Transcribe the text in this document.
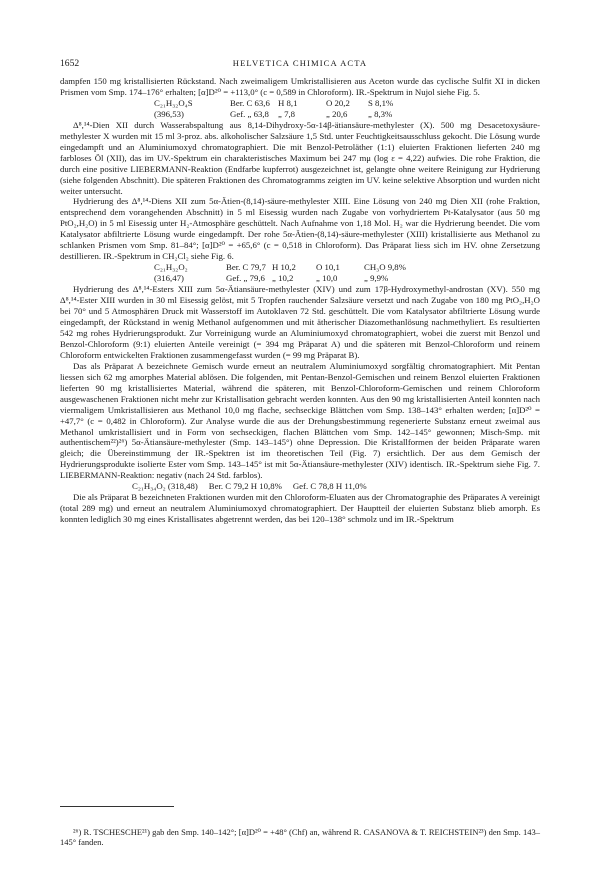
1652	HELVETICA CHIMICA ACTA

dampfen 150 mg kristallisierten Rückstand. Nach zweimaligem Umkristallisieren aus Aceton wurde das cyclische Sulfit XI in dicken Prismen vom Smp. 174–176° erhalten; [α]D²⁰ = +113,0° (c = 0,589 in Chloroform). IR.-Spektrum in Nujol siehe Fig. 5.

C₂₁H₃₂O₄S	Ber. C 63,6 H 8,1	O 20,2	S 8,1%
(396,53)	Gef. „ 63,8	„ 7,8	„ 20,6	„ 8,3%

Δ⁸,¹⁴-Dien XII durch Wasserabspaltung aus 8,14-Dihydroxy-5α-14β-ätiansäure-methylester (X). 500 mg Desacetoxysäure-methylester X wurden mit 15 ml 3-proz. abs. alkoholischer Salzsäure 1,5 Std. unter Feuchtigkeitsausschluss gekocht. Die Lösung wurde eingedampft und an Aluminiumoxyd chromatographiert. Die mit Benzol-Petroläther (1:1) eluierten Fraktionen lieferten 240 mg farbloses Öl (XII), das im UV.-Spektrum ein charakteristisches Maximum bei 247 mμ (log ε = 4,22) aufwies. Die rohe Fraktion, die durch eine positive LIEBERMANN-Reaktion (Endfarbe kupferrot) ausgezeichnet ist, gelangte ohne weitere Reinigung zur Hydrierung (siehe folgenden Abschnitt). Die späteren Fraktionen des Chromatogramms zeigten im UV. keine selektive Absorption und wurden nicht weiter untersucht.

Hydrierung des Δ⁸,¹⁴-Diens XII zum 5α-Ätien-(8,14)-säure-methylester XIII. Eine Lösung von 240 mg Dien XII (rohe Fraktion, entsprechend dem vorangehenden Abschnitt) in 5 ml Eisessig wurden nach Zugabe von vorhydriertem Pt-Katalysator (aus 50 mg PtO₂,H₂O) in 5 ml Eisessig unter H₂-Atmosphäre geschüttelt. Nach Aufnahme von 1,18 Mol. H₂ war die Hydrierung beendet. Die vom Katalysator abfiltrierte Lösung wurde eingedampft. Der rohe 5α-Ätien-(8,14)-säure-methylester (XIII) kristallisierte aus Methanol zu schlanken Prismen vom Smp. 81–84°; [α]D²⁰ = +65,6° (c = 0,518 in Chloroform). Das Präparat liess sich im HV. ohne Zersetzung destillieren. IR.-Spektrum in CH₂Cl₂ siehe Fig. 6.

C₂₁H₃₂O₂	Ber. C 79,7 H 10,2	O 10,1	CH₃O 9,8%
(316,47)	Gef. „ 79,6 „ 10,2	„ 10,0	„ 9,9%

Hydrierung des Δ⁸,¹⁴-Esters XIII zum 5α-Ätiansäure-methylester (XIV) und zum 17β-Hydroxymethyl-androstan (XV). 550 mg Δ⁸,¹⁴-Ester XIII wurden in 30 ml Eisessig gelöst, mit 5 Tropfen rauchender Salzsäure versetzt und nach Zugabe von 180 mg PtO₂,H₂O bei 70° und 5 Atmosphären Druck mit Wasserstoff im Autoklaven 72 Std. geschüttelt. Die vom Katalysator abfiltrierte Lösung wurde eingedampft, der Rückstand in wenig Methanol aufgenommen und mit ätherischer Diazomethanlösung nachmethyliert. Es resultierten 542 mg rohes Hydrierungsprodukt. Zur Vorreinigung wurde an Aluminiumoxyd chromatographiert, wobei die zuerst mit Benzol und Benzol-Chloroform (9:1) eluierten Anteile vereinigt (= 394 mg Präparat A) und die späteren mit Benzol-Chloroform und reinem Chloroform entwickelten Fraktionen zusammengefasst wurden (= 99 mg Präparat B).

Das als Präparat A bezeichnete Gemisch wurde erneut an neutralem Aluminiumoxyd sorgfältig chromatographiert. Mit Pentan liessen sich 62 mg amorphes Material ablösen. Die folgenden, mit Pentan-Benzol-Gemischen und reinem Benzol eluierten Fraktionen lieferten 90 mg kristallisiertes Material, während die späteren, mit Benzol-Chloroform-Gemischen und reinem Chloroform ausgewaschenen Fraktionen nicht mehr zur Kristallisation gebracht werden konnten. Aus den 90 mg kristallisierten Anteil konnten nach viermaligem Umkristallisieren aus Methanol 10,0 mg flache, sechseckige Blättchen vom Smp. 138–143° erhalten werden; [α]D²⁰ = +47,7° (c = 0,482 in Chloroform). Zur Analyse wurde die aus der Drehungsbestimmung regenerierte Substanz erneut zweimal aus Methanol umkristallisiert und in Form von sechseckigen, flachen Blättchen vom Smp. 142–145° gewonnen; Misch-Smp. mit authentischem²²)²⁶) 5α-Ätiansäure-methylester (Smp. 143–145°) ohne Depression. Die Kristallformen der beiden Präparate waren gleich; die Übereinstimmung der IR.-Spektren ist im theoretischen Teil (Fig. 7) ersichtlich. Der aus dem Gemisch der Hydrierungsprodukte isolierte Ester vom Smp. 143–145° ist mit 5α-Ätiansäure-methylester (XIV) identisch. IR.-Spektrum siehe Fig. 7. LIEBERMANN-Reaktion: negativ (nach 24 Std. farblos).

C₂₁H₃₄O₂ (318,48) Ber. C 79,2 H 10,8% Gef. C 78,8 H 11,0%

Die als Präparat B bezeichneten Fraktionen wurden mit den Chloroform-Eluaten aus der Chromatographie des Präparates A vereinigt (total 289 mg) und erneut an neutralem Aluminiumoxyd chromatographiert. Der Hauptteil der eluierten Substanz blieb amorph. Es konnten lediglich 30 mg eines Kristallisates abgetrennt werden, das bei 120–138° schmolz und im IR.-Spektrum

²⁶) R. TSCHESCHE²¹) gab den Smp. 140–142°; [α]D²⁰ = +48° (Chf) an, während R. CASANOVA & T. REICHSTEIN²³) den Smp. 143–145° fanden.
